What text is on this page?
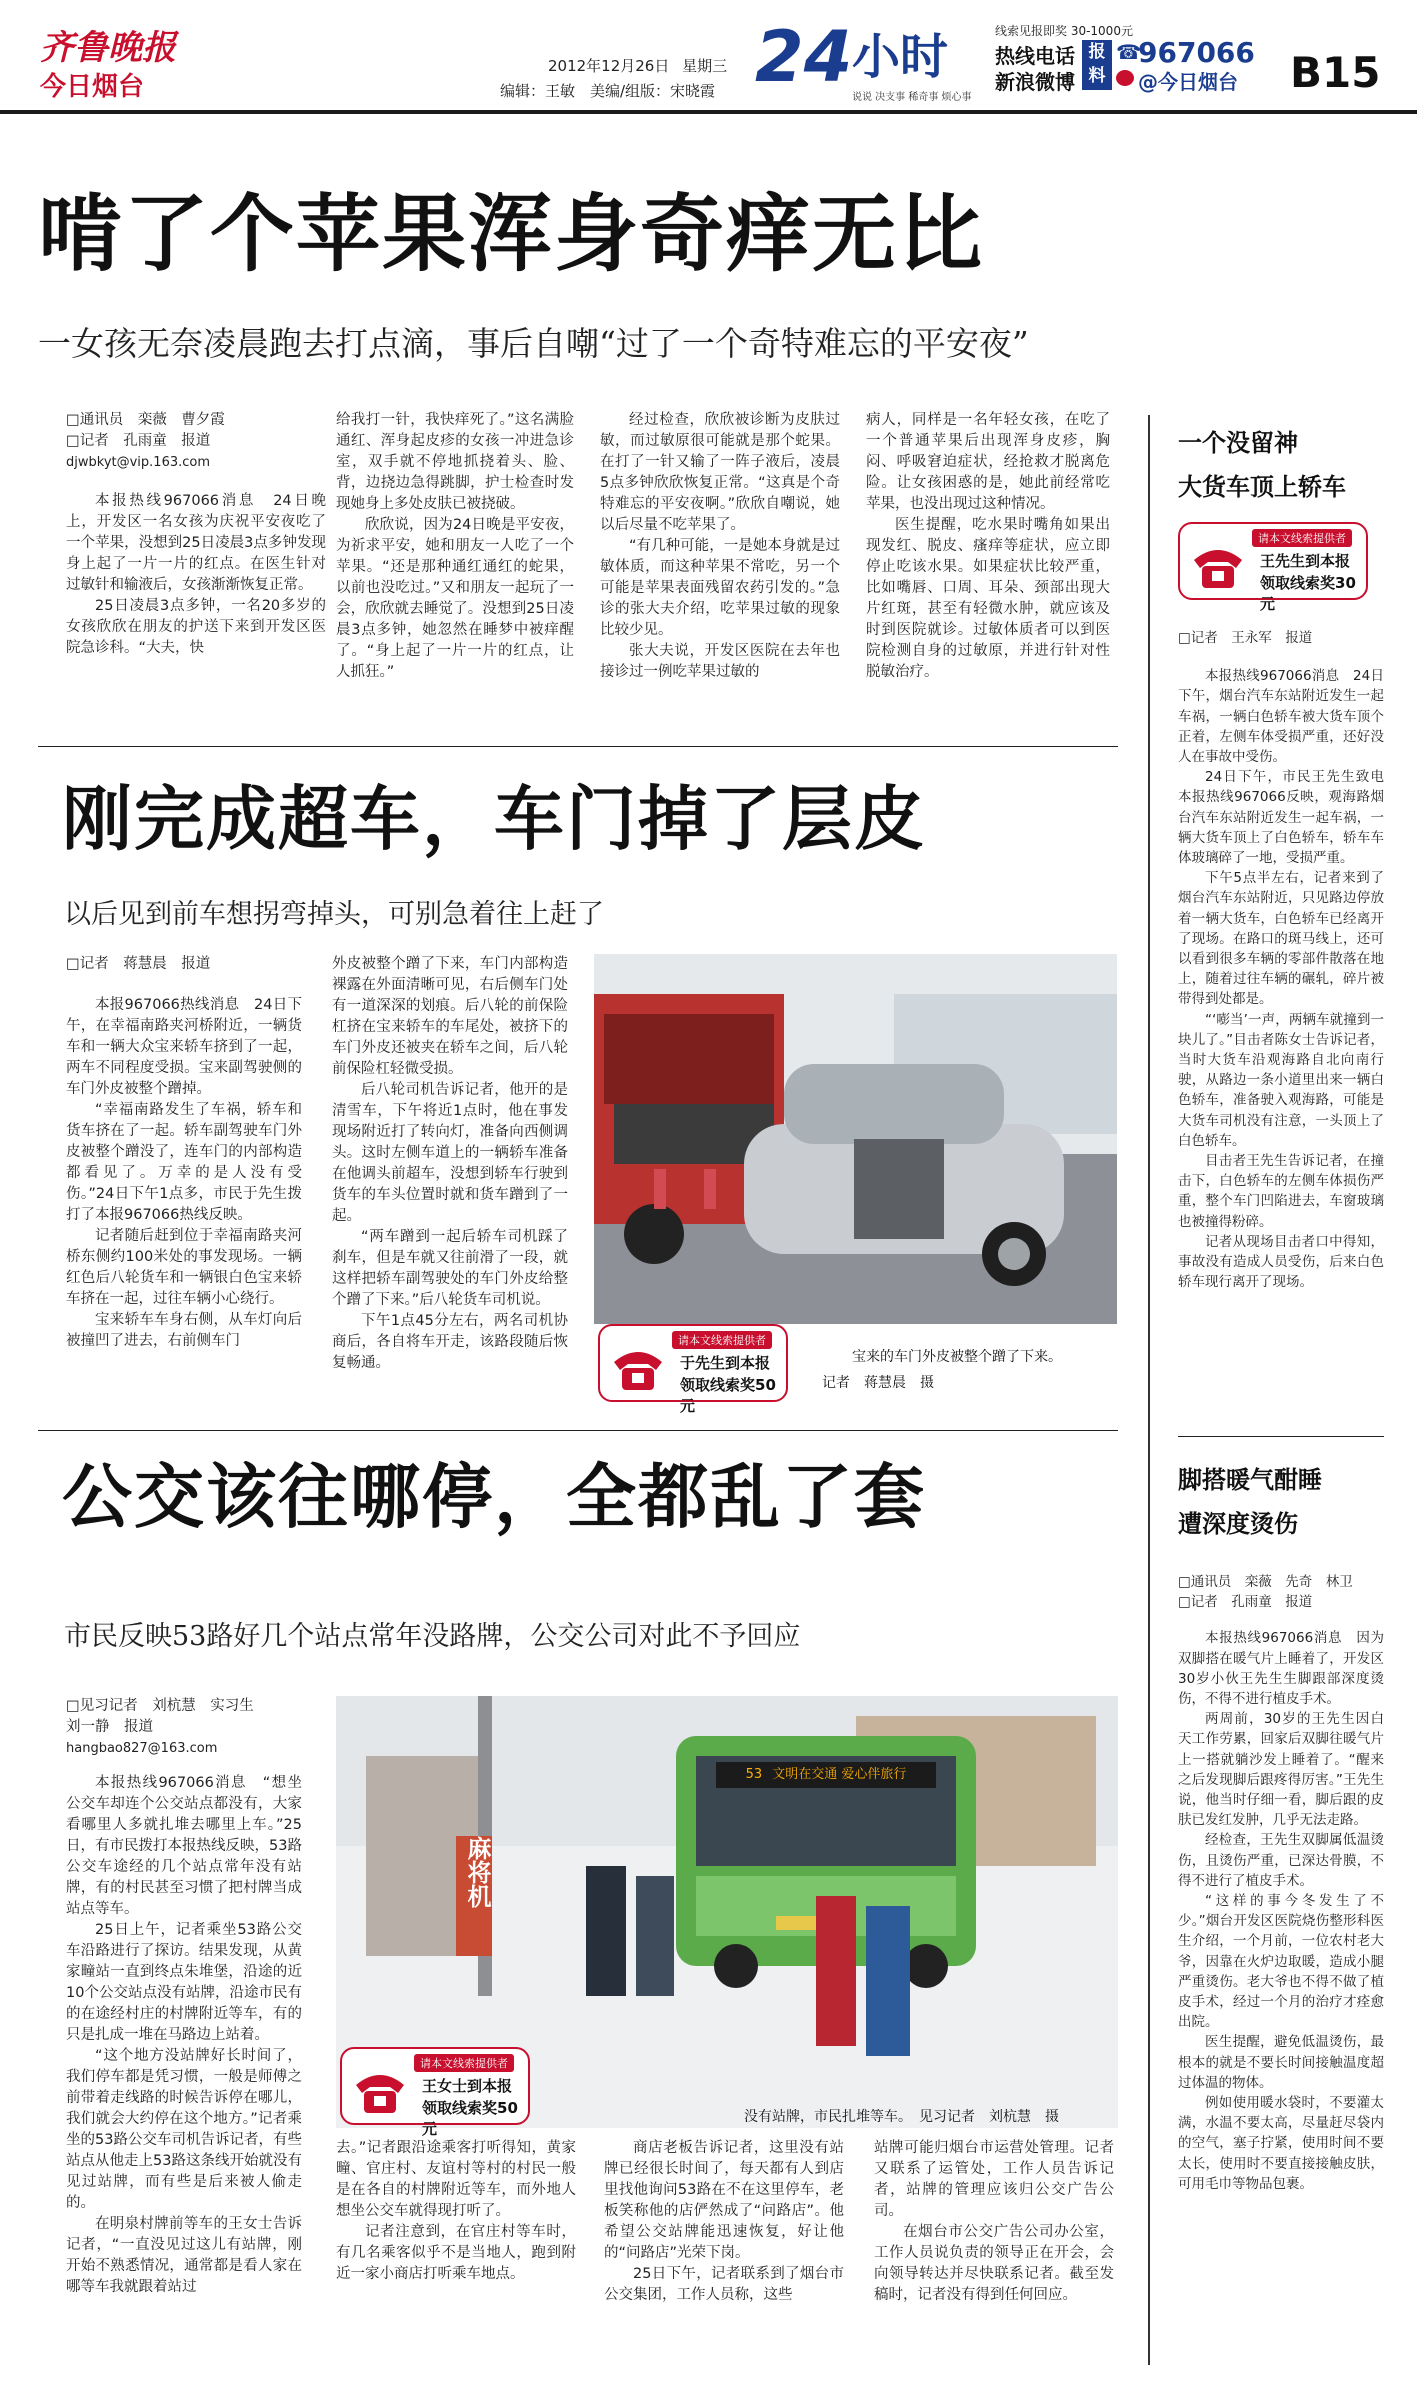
齐鲁晚报
今日烟台
2012年12月26日 星期三
编辑：王敏　美编/组版：宋晓霞 24 小时
说说 决支事 稀奇事 烦心事
线索见报即奖 30-1000元
热线电话
新浪微博
报料
☎
967066
@今日烟台 B15
啃了个苹果浑身奇痒无比
一女孩无奈凌晨跑去打点滴，事后自嘲“过了一个奇特难忘的平安夜”

□通讯员　栾薇　曹夕霞

□记者　孔雨童　报道

djwbkyt@vip.163.com

本报热线967066消息　24日晚上，开发区一名女孩为庆祝平安夜吃了一个苹果，没想到25日凌晨3点多钟发现身上起了一片一片的红点。在医生针对过敏针和输液后，女孩渐渐恢复正常。

25日凌晨3点多钟，一名20多岁的女孩欣欣在朋友的护送下来到开发区医院急诊科。“大夫，快

给我打一针，我快痒死了。”这名满脸通红、浑身起皮疹的女孩一冲进急诊室，双手就不停地抓挠着头、脸、背，边挠边急得跳脚，护士检查时发现她身上多处皮肤已被挠破。

欣欣说，因为24日晚是平安夜，为祈求平安，她和朋友一人吃了一个苹果。“还是那种通红通红的蛇果，以前也没吃过。”又和朋友一起玩了一会，欣欣就去睡觉了。没想到25日凌晨3点多钟，她忽然在睡梦中被痒醒了。“身上起了一片一片的红点，让人抓狂。”

经过检查，欣欣被诊断为皮肤过敏，而过敏原很可能就是那个蛇果。在打了一针又输了一阵子液后，凌晨5点多钟欣欣恢复正常。“这真是个奇特难忘的平安夜啊。”欣欣自嘲说，她以后尽量不吃苹果了。

“有几种可能，一是她本身就是过敏体质，而这种苹果不常吃，另一个可能是苹果表面残留农药引发的。”急诊的张大夫介绍，吃苹果过敏的现象比较少见。

张大夫说，开发区医院在去年也接诊过一例吃苹果过敏的

病人，同样是一名年轻女孩，在吃了一个普通苹果后出现浑身皮疹，胸闷、呼吸窘迫症状，经抢救才脱离危险。让女孩困惑的是，她此前经常吃苹果，也没出现过这种情况。

医生提醒，吃水果时嘴角如果出现发红、脱皮、瘙痒等症状，应立即停止吃该水果。如果症状比较严重，比如嘴唇、口周、耳朵、颈部出现大片红斑，甚至有轻微水肿，就应该及时到医院就诊。过敏体质者可以到医院检测自身的过敏原，并进行针对性脱敏治疗。

刚完成超车，车门掉了层皮
以后见到前车想拐弯掉头，可别急着往上赶了

□记者　蒋慧晨　报道

本报967066热线消息　24日下午，在幸福南路夹河桥附近，一辆货车和一辆大众宝来轿车挤到了一起，两车不同程度受损。宝来副驾驶侧的车门外皮被整个蹭掉。

“幸福南路发生了车祸，轿车和货车挤在了一起。轿车副驾驶车门外皮被整个蹭没了，连车门的内部构造都看见了。万幸的是人没有受伤。”24日下午1点多，市民于先生拨打了本报967066热线反映。

记者随后赶到位于幸福南路夹河桥东侧约100米处的事发现场。一辆红色后八轮货车和一辆银白色宝来轿车挤在一起，过往车辆小心绕行。

宝来轿车车身右侧，从车灯向后被撞凹了进去，右前侧车门

外皮被整个蹭了下来，车门内部构造裸露在外面清晰可见，右后侧车门处有一道深深的划痕。后八轮的前保险杠挤在宝来轿车的车尾处，被挤下的车门外皮还被夹在轿车之间，后八轮前保险杠轻微受损。

后八轮司机告诉记者，他开的是清雪车，下午将近1点时，他在事发现场附近打了转向灯，准备向西侧调头。这时左侧车道上的一辆轿车准备在他调头前超车，没想到轿车行驶到货车的车头位置时就和货车蹭到了一起。

“两车蹭到一起后轿车司机踩了刹车，但是车就又往前滑了一段，就这样把轿车副驾驶处的车门外皮给整个蹭了下来。”后八轮货车司机说。

下午1点45分左右，两名司机协商后，各自将车开走，该路段随后恢复畅通。

请本文线索提供者
于先生到本报
领取线索奖50元
宝来的车门外皮被整个蹭了下来。
记者　蒋慧晨　摄
公交该往哪停，全都乱了套
市民反映53路好几个站点常年没路牌，公交公司对此不予回应

□见习记者　刘杭慧　实习生

刘一静　报道

hangbao827@163.com

本报热线967066消息　“想坐公交车却连个公交站点都没有，大家看哪里人多就扎堆去哪里上车。”25日，有市民拨打本报热线反映，53路公交车途经的几个站点常年没有站牌，有的村民甚至习惯了把村牌当成站点等车。

25日上午，记者乘坐53路公交车沿路进行了探访。结果发现，从黄家疃站一直到终点朱堆堡，沿途的近10个公交站点没有站牌，沿途市民有的在途经村庄的村牌附近等车，有的只是扎成一堆在马路边上站着。

“这个地方没站牌好长时间了，我们停车都是凭习惯，一般是师傅之前带着走线路的时候告诉停在哪儿，我们就会大约停在这个地方。”记者乘坐的53路公交车司机告诉记者，有些站点从他走上53路这条线开始就没有见过站牌，而有些是后来被人偷走的。

在明泉村牌前等车的王女士告诉记者，“一直没见过这儿有站牌，刚开始不熟悉情况，通常都是看人家在哪等车我就跟着站过

麻将机
53 文明在交通 爱心伴旅行
请本文线索提供者
王女士到本报
领取线索奖50元
没有站牌，市民扎堆等车。　见习记者　刘杭慧　摄

去。”记者跟沿途乘客打听得知，黄家疃、官庄村、友谊村等村的村民一般是在各自的村牌附近等车，而外地人想坐公交车就得现打听了。

记者注意到，在官庄村等车时，有几名乘客似乎不是当地人，跑到附近一家小商店打听乘车地点。

商店老板告诉记者，这里没有站牌已经很长时间了，每天都有人到店里找他询问53路在不在这里停车，老板笑称他的店俨然成了“问路店”。他希望公交站牌能迅速恢复，好让他的“问路店”光荣下岗。

25日下午，记者联系到了烟台市公交集团，工作人员称，这些

站牌可能归烟台市运营处管理。记者又联系了运管处，工作人员告诉记者，站牌的管理应该归公交广告公司。

在烟台市公交广告公司办公室，工作人员说负责的领导正在开会，会向领导转达并尽快联系记者。截至发稿时，记者没有得到任何回应。

一个没留神
大货车顶上轿车
请本文线索提供者
王先生到本报
领取线索奖30元

□记者　王永军　报道

本报热线967066消息　24日下午，烟台汽车东站附近发生一起车祸，一辆白色轿车被大货车顶个正着，左侧车体受损严重，还好没人在事故中受伤。

24日下午，市民王先生致电本报热线967066反映，观海路烟台汽车东站附近发生一起车祸，一辆大货车顶上了白色轿车，轿车车体玻璃碎了一地，受损严重。

下午5点半左右，记者来到了烟台汽车东站附近，只见路边停放着一辆大货车，白色轿车已经离开了现场。在路口的斑马线上，还可以看到很多车辆的零部件散落在地上，随着过往车辆的碾轧，碎片被带得到处都是。

“‘嘭当’一声，两辆车就撞到一块儿了。”目击者陈女士告诉记者，当时大货车沿观海路自北向南行驶，从路边一条小道里出来一辆白色轿车，准备驶入观海路，可能是大货车司机没有注意，一头顶上了白色轿车。

目击者王先生告诉记者，在撞击下，白色轿车的左侧车体损伤严重，整个车门凹陷进去，车窗玻璃也被撞得粉碎。

记者从现场目击者口中得知，事故没有造成人员受伤，后来白色轿车现行离开了现场。

脚搭暖气酣睡
遭深度烫伤

□通讯员　栾薇　先奇　林卫

□记者　孔雨童　报道

本报热线967066消息　因为双脚搭在暖气片上睡着了，开发区30岁小伙王先生生脚跟部深度烫伤，不得不进行植皮手术。

两周前，30岁的王先生因白天工作劳累，回家后双脚往暖气片上一搭就躺沙发上睡着了。“醒来之后发现脚后跟疼得厉害。”王先生说，他当时仔细一看，脚后跟的皮肤已发红发肿，几乎无法走路。

经检查，王先生双脚属低温烫伤，且烫伤严重，已深达骨膜，不得不进行了植皮手术。

“这样的事今冬发生了不少。”烟台开发区医院烧伤整形科医生介绍，一个月前，一位农村老大爷，因靠在火炉边取暖，造成小腿严重烫伤。老大爷也不得不做了植皮手术，经过一个月的治疗才痊愈出院。

医生提醒，避免低温烫伤，最根本的就是不要长时间接触温度超过体温的物体。

例如使用暖水袋时，不要灌太满，水温不要太高，尽量赶尽袋内的空气，塞子拧紧，使用时间不要太长，使用时不要直接接触皮肤，可用毛巾等物品包裹。
